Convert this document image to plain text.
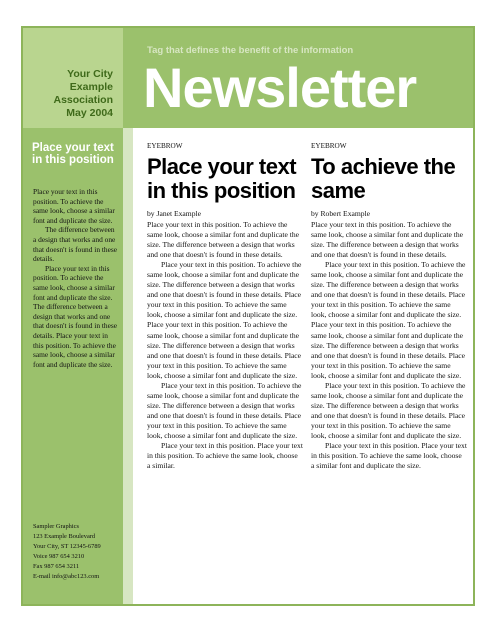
Your City
Example
Association
May 2004
Tag that defines the benefit of the information
Newsletter
Place your text in this position

Place your text in this position. To achieve the same look, choose a similar font and duplicate the size.

The difference between a design that works and one that doesn't is found in these details.

Place your text in this position. To achieve the same look, choose a similar font and duplicate the size. The difference between a design that works and one that doesn't is found in these details. Place your text in this position. To achieve the same look, choose a similar font and duplicate the size.

Sampler Graphics
123 Example Boulevard
Your City, ST 12345-6789
Voice 987 654 3210
Fax 987 654 3211
E-mail info@abc123.com
EYEBROW
Place your text in this position
by Janet Example

Place your text in this position. To achieve the same look, choose a similar font and duplicate the size. The difference between a design that works and one that doesn't is found in these details.

Place your text in this position. To achieve the same look, choose a similar font and duplicate the size. The difference between a design that works and one that doesn't is found in these details. Place your text in this position. To achieve the same look, choose a similar font and duplicate the size. Place your text in this position. To achieve the same look, choose a similar font and duplicate the size. The difference between a design that works and one that doesn't is found in these details. Place your text in this position. To achieve the same look, choose a similar font and duplicate the size.

Place your text in this position. To achieve the same look, choose a similar font and duplicate the size. The difference between a design that works and one that doesn't is found in these details. Place your text in this position. To achieve the same look, choose a similar font and duplicate the size.

Place your text in this position. Place your text in this position. To achieve the same look, choose a similar.

EYEBROW
To achieve the same
by Robert Example

Place your text in this position. To achieve the same look, choose a similar font and duplicate the size. The difference between a design that works and one that doesn't is found in these details.

Place your text in this position. To achieve the same look, choose a similar font and duplicate the size. The difference between a design that works and one that doesn't is found in these details. Place your text in this position. To achieve the same look, choose a similar font and duplicate the size. Place your text in this position. To achieve the same look, choose a similar font and duplicate the size. The difference between a design that works and one that doesn't is found in these details. Place your text in this position. To achieve the same look, choose a similar font and duplicate the size.

Place your text in this position. To achieve the same look, choose a similar font and duplicate the size. The difference between a design that works and one that doesn't is found in these details. Place your text in this position. To achieve the same look, choose a similar font and duplicate the size.

Place your text in this position. Place your text in this position. To achieve the same look, choose a similar font and duplicate the size.
